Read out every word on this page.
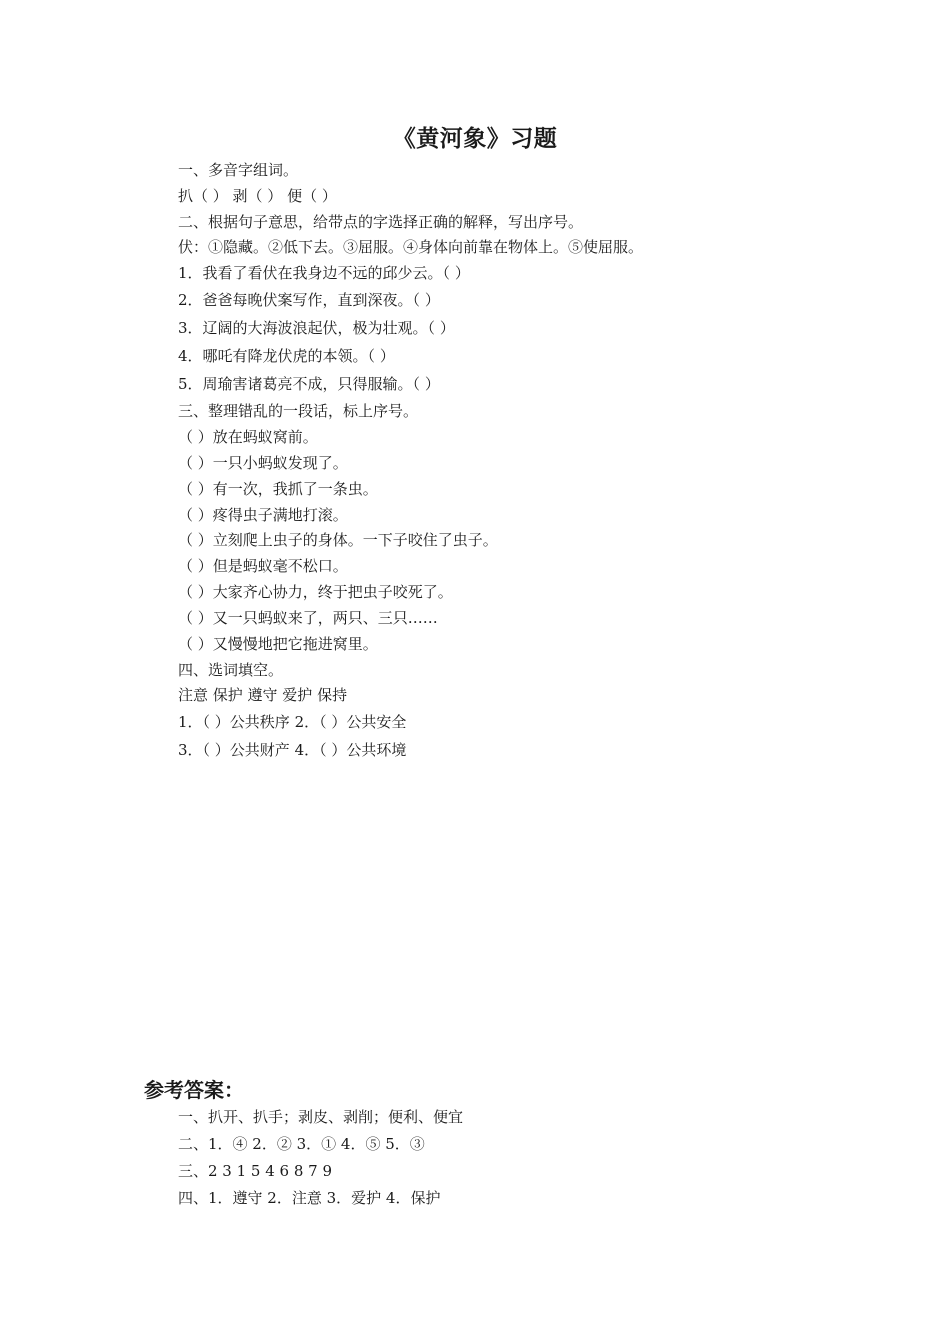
《黄河象》习题
一、多音字组词。
扒（ ） 剥（ ） 便（ ）
二、根据句子意思，给带点的字选择正确的解释，写出序号。
伏：①隐藏。②低下去。③屈服。④身体向前靠在物体上。⑤使屈服。
1．我看了看伏在我身边不远的邱少云。（ ）
2．爸爸每晚伏案写作，直到深夜。（ ）
3．辽阔的大海波浪起伏，极为壮观。（ ）
4．哪吒有降龙伏虎的本领。（ ）
5．周瑜害诸葛亮不成，只得服输。（ ）
三、整理错乱的一段话，标上序号。
（ ）放在蚂蚁窝前。
（ ）一只小蚂蚁发现了。
（ ）有一次，我抓了一条虫。
（ ）疼得虫子满地打滚。
（ ）立刻爬上虫子的身体。一下子咬住了虫子。
（ ）但是蚂蚁毫不松口。
（ ）大家齐心协力，终于把虫子咬死了。
（ ）又一只蚂蚁来了，两只、三只……
（ ）又慢慢地把它拖进窝里。
四、选词填空。
注意 保护 遵守 爱护 保持
1．（ ）公共秩序 2．（ ）公共安全
3．（ ）公共财产 4．（ ）公共环境
参考答案：
一、扒开、扒手；剥皮、剥削；便利、便宜
二、1．④ 2．② 3．① 4．⑤ 5．③
三、2 3 1 5 4 6 8 7 9
四、1．遵守 2．注意 3．爱护 4．保护
